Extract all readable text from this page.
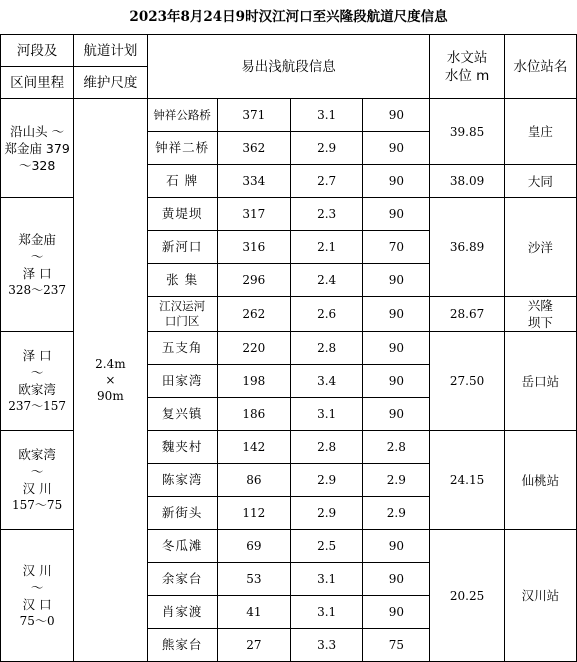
2023年8月24日9时汉江河口至兴隆段航道尺度信息
河段及	航道计划	易出浅航段信息				水文站
水位 m	水位站名
区间里程	维护尺度						

沿山头 ～
郑金庙 379
～328	2.4m
×
90m	钟祥公路桥	371	3.1	90	39.85	皇庄
		钟祥二桥	362	2.9	90		
		石 牌	334	2.7	90	38.09	大同

郑金庙
～
泽 口
328～237		黄堤坝	317	2.3	90	36.89	沙洋
		新河口	316	2.1	70		
		张 集	296	2.4	90		
		江汉运河口门区	262	2.6	90	28.67	兴隆
坝下

泽 口
～
欧家湾
237～157		五支角	220	2.8	90	27.50	岳口站
		田家湾	198	3.4	90		
		复兴镇	186	3.1	90		

欧家湾
～
汉 川
157～75		魏夹村	142	2.8	2.8	24.15	仙桃站
		陈家湾	86	2.9	2.9		
		新街头	112	2.9	2.9		

汉 川
～
汉 口
75～0		冬瓜滩	69	2.5	90	20.25	汉川站
		余家台	53	3.1	90		
		肖家渡	41	3.1	90		
		熊家台	27	3.3	75		
